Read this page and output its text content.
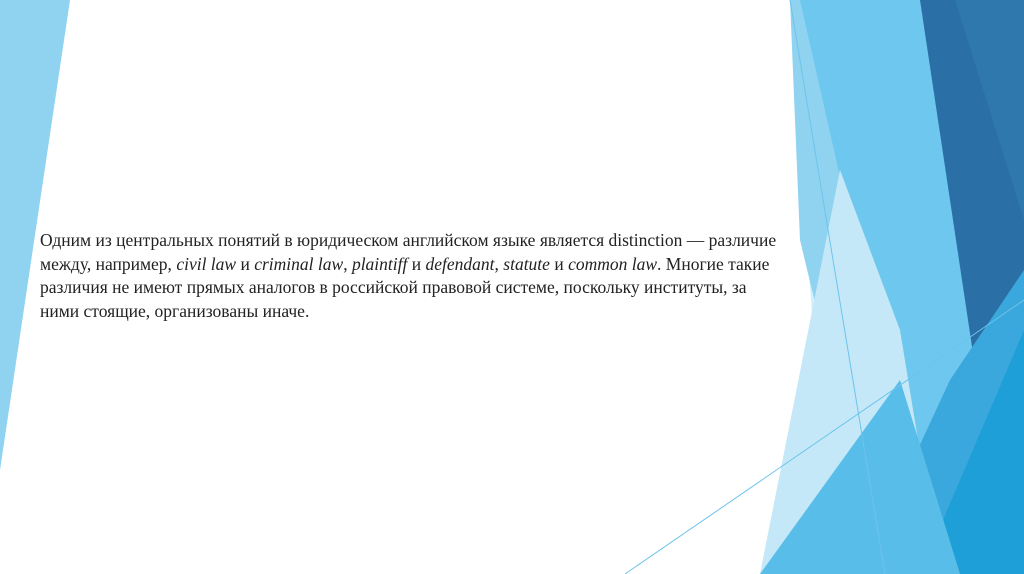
Одним из центральных понятий в юридическом английском языке является distinction — различие между, например, civil law и criminal law, plaintiff и defendant, statute и common law. Многие такие различия не имеют прямых аналогов в российской правовой системе, поскольку институты, за ними стоящие, организованы иначе.
